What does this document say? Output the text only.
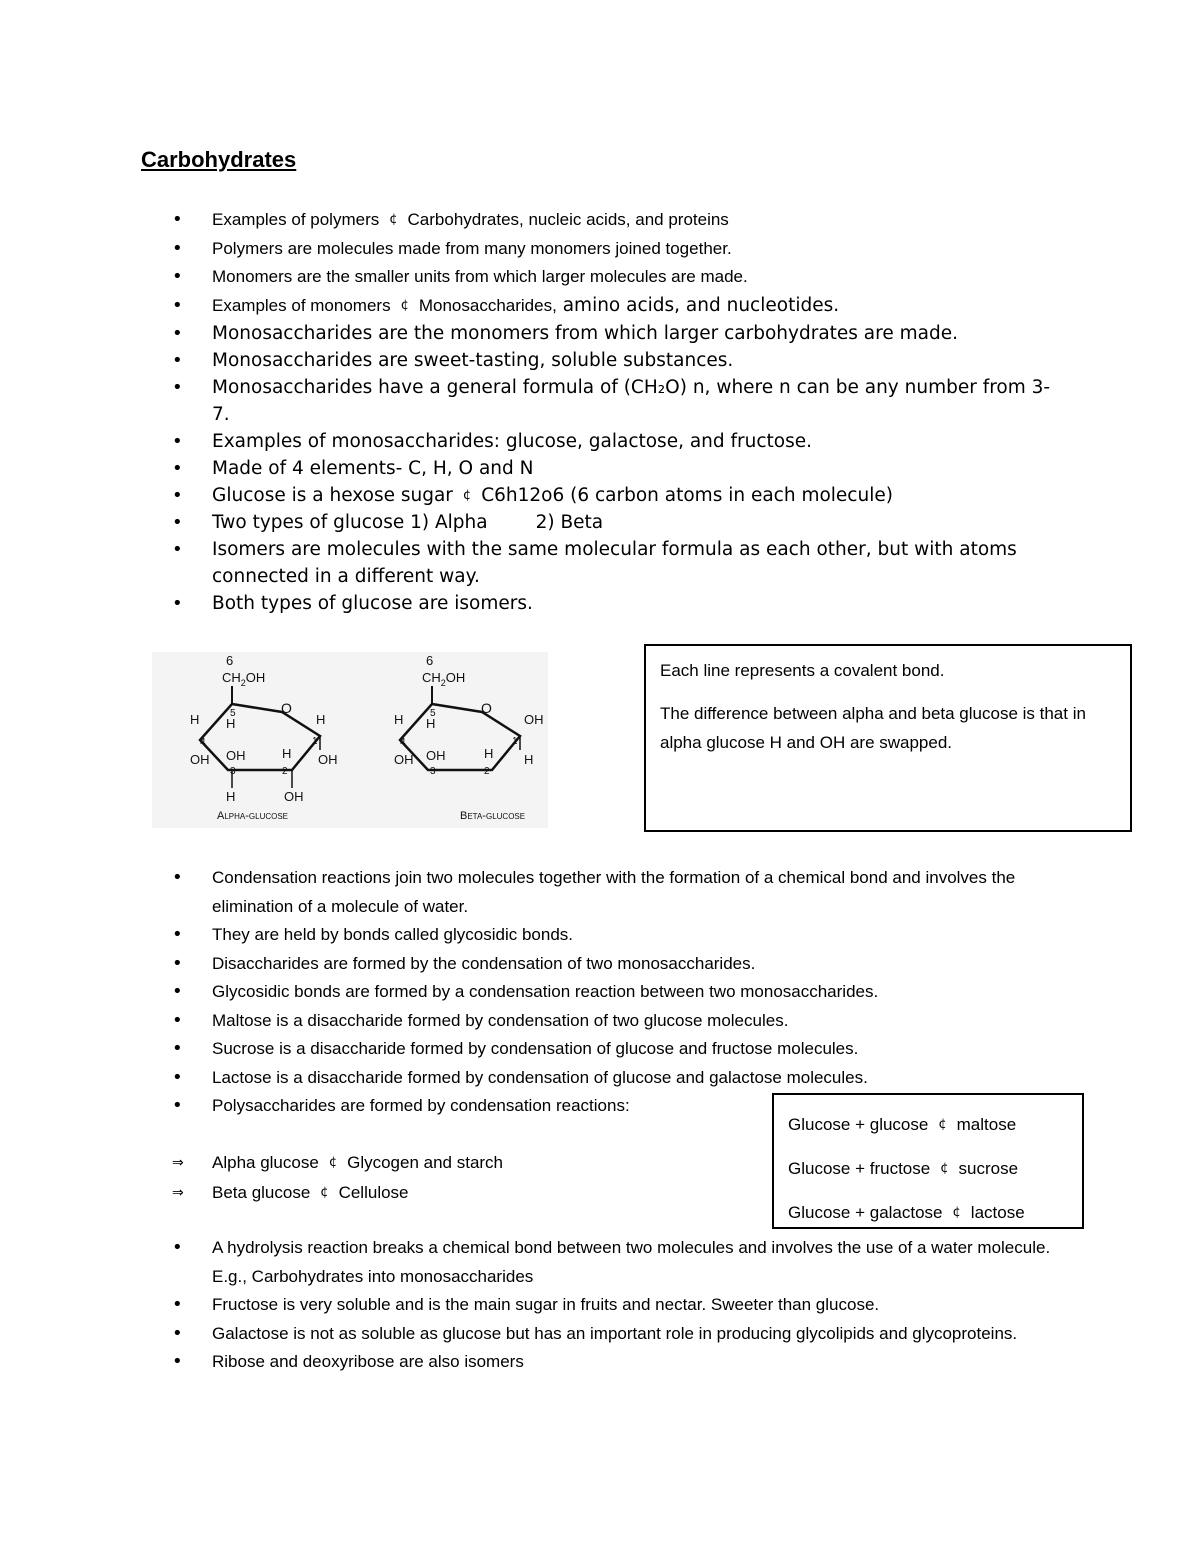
Carbohydrates
• Examples of polymers ¢ Carbohydrates, nucleic acids, and proteins
• Polymers are molecules made from many monomers joined together.
• Monomers are the smaller units from which larger molecules are made.
• Examples of monomers ¢ Monosaccharides, amino acids, and nucleotides.
• Monosaccharides are the monomers from which larger carbohydrates are made.
• Monosaccharides are sweet-tasting, soluble substances.
• Monosaccharides have a general formula of (CH₂O) n, where n can be any number from 3-7.
• Examples of monosaccharides: glucose, galactose, and fructose.
• Made of 4 elements- C, H, O and N
• Glucose is a hexose sugar ¢ C6h12o6 (6 carbon atoms in each molecule)
• Two types of glucose 1) Alpha	2) Beta
• Isomers are molecules with the same molecular formula as each other, but with atoms connected in a different way.
• Both types of glucose are isomers.
6
$CH_2OH$
O
5
H
1
H
OH
4
H
OH OH
3
H
2
H	OH
Alpha-glucose
6
$CH_2OH$
O
5
H
1
OH
H
4
H
OH OH
3
H
2
Beta-glucose

Each line represents a covalent bond.

The difference between alpha and beta glucose is that in alpha glucose H and OH are swapped.

• Condensation reactions join two molecules together with the formation of a chemical bond and involves the elimination of a molecule of water.
• They are held by bonds called glycosidic bonds.
• Disaccharides are formed by the condensation of two monosaccharides.
• Glycosidic bonds are formed by a condensation reaction between two monosaccharides.
• Maltose is a disaccharide formed by condensation of two glucose molecules.
• Sucrose is a disaccharide formed by condensation of glucose and fructose molecules.
• Lactose is a disaccharide formed by condensation of glucose and galactose molecules.
• Polysaccharides are formed by condensation reactions:
⇒ Alpha glucose ¢ Glycogen and starch
⇒ Beta glucose ¢ Cellulose
Glucose + glucose ¢ maltose
Glucose + fructose ¢ sucrose
Glucose + galactose ¢ lactose
• A hydrolysis reaction breaks a chemical bond between two molecules and involves the use of a water molecule. E.g., Carbohydrates into monosaccharides
• Fructose is very soluble and is the main sugar in fruits and nectar. Sweeter than glucose.
• Galactose is not as soluble as glucose but has an important role in producing glycolipids and glycoproteins.
• Ribose and deoxyribose are also isomers
